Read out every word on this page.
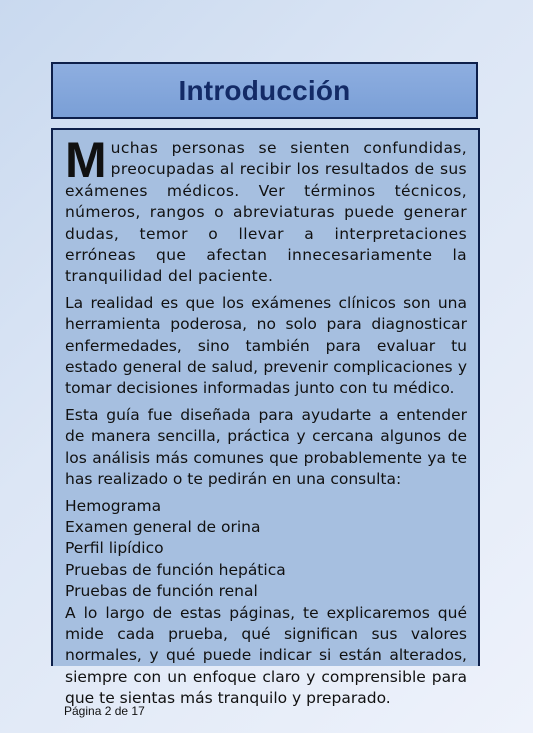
Introducción

Muchas personas se sienten confundidas, preocupadas al recibir los resultados de sus exámenes médicos. Ver términos técnicos, números, rangos o abreviaturas puede generar dudas, temor o llevar a interpretaciones erróneas que afectan innecesariamente la tranquilidad del paciente.

La realidad es que los exámenes clínicos son una herramienta poderosa, no solo para diagnosticar enfermedades, sino también para evaluar tu estado general de salud, prevenir complicaciones y tomar decisiones informadas junto con tu médico.

Esta guía fue diseñada para ayudarte a entender de manera sencilla, práctica y cercana algunos de los análisis más comunes que probablemente ya te has realizado o te pedirán en una consulta:

Hemograma
Examen general de orina
Perfil lipídico
Pruebas de función hepática
Pruebas de función renal

A lo largo de estas páginas, te explicaremos qué mide cada prueba, qué significan sus valores normales, y qué puede indicar si están alterados, siempre con un enfoque claro y comprensible para que te sientas más tranquilo y preparado.

Página 2 de 17
